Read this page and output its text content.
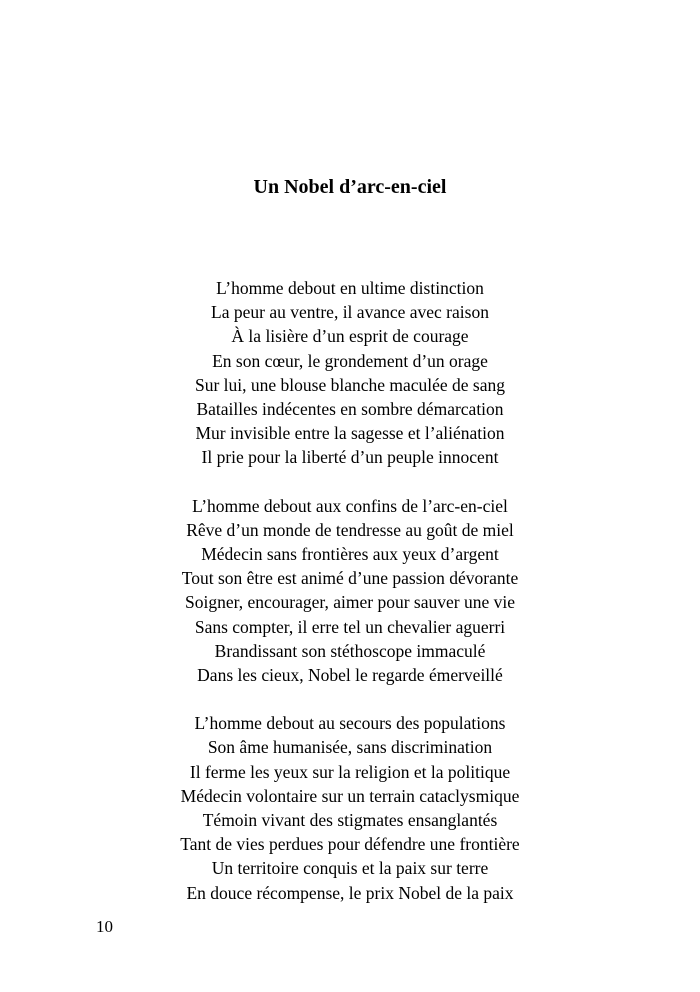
Un Nobel d’arc-en-ciel
L’homme debout en ultime distinction
La peur au ventre, il avance avec raison
À la lisière d’un esprit de courage
En son cœur, le grondement d’un orage
Sur lui, une blouse blanche maculée de sang
Batailles indécentes en sombre démarcation
Mur invisible entre la sagesse et l’aliénation
Il prie pour la liberté d’un peuple innocent
L’homme debout aux confins de l’arc-en-ciel
Rêve d’un monde de tendresse au goût de miel
Médecin sans frontières aux yeux d’argent
Tout son être est animé d’une passion dévorante
Soigner, encourager, aimer pour sauver une vie
Sans compter, il erre tel un chevalier aguerri
Brandissant son stéthoscope immaculé
Dans les cieux, Nobel le regarde émerveillé
L’homme debout au secours des populations
Son âme humanisée, sans discrimination
Il ferme les yeux sur la religion et la politique
Médecin volontaire sur un terrain cataclysmique
Témoin vivant des stigmates ensanglantés
Tant de vies perdues pour défendre une frontière
Un territoire conquis et la paix sur terre
En douce récompense, le prix Nobel de la paix
10
